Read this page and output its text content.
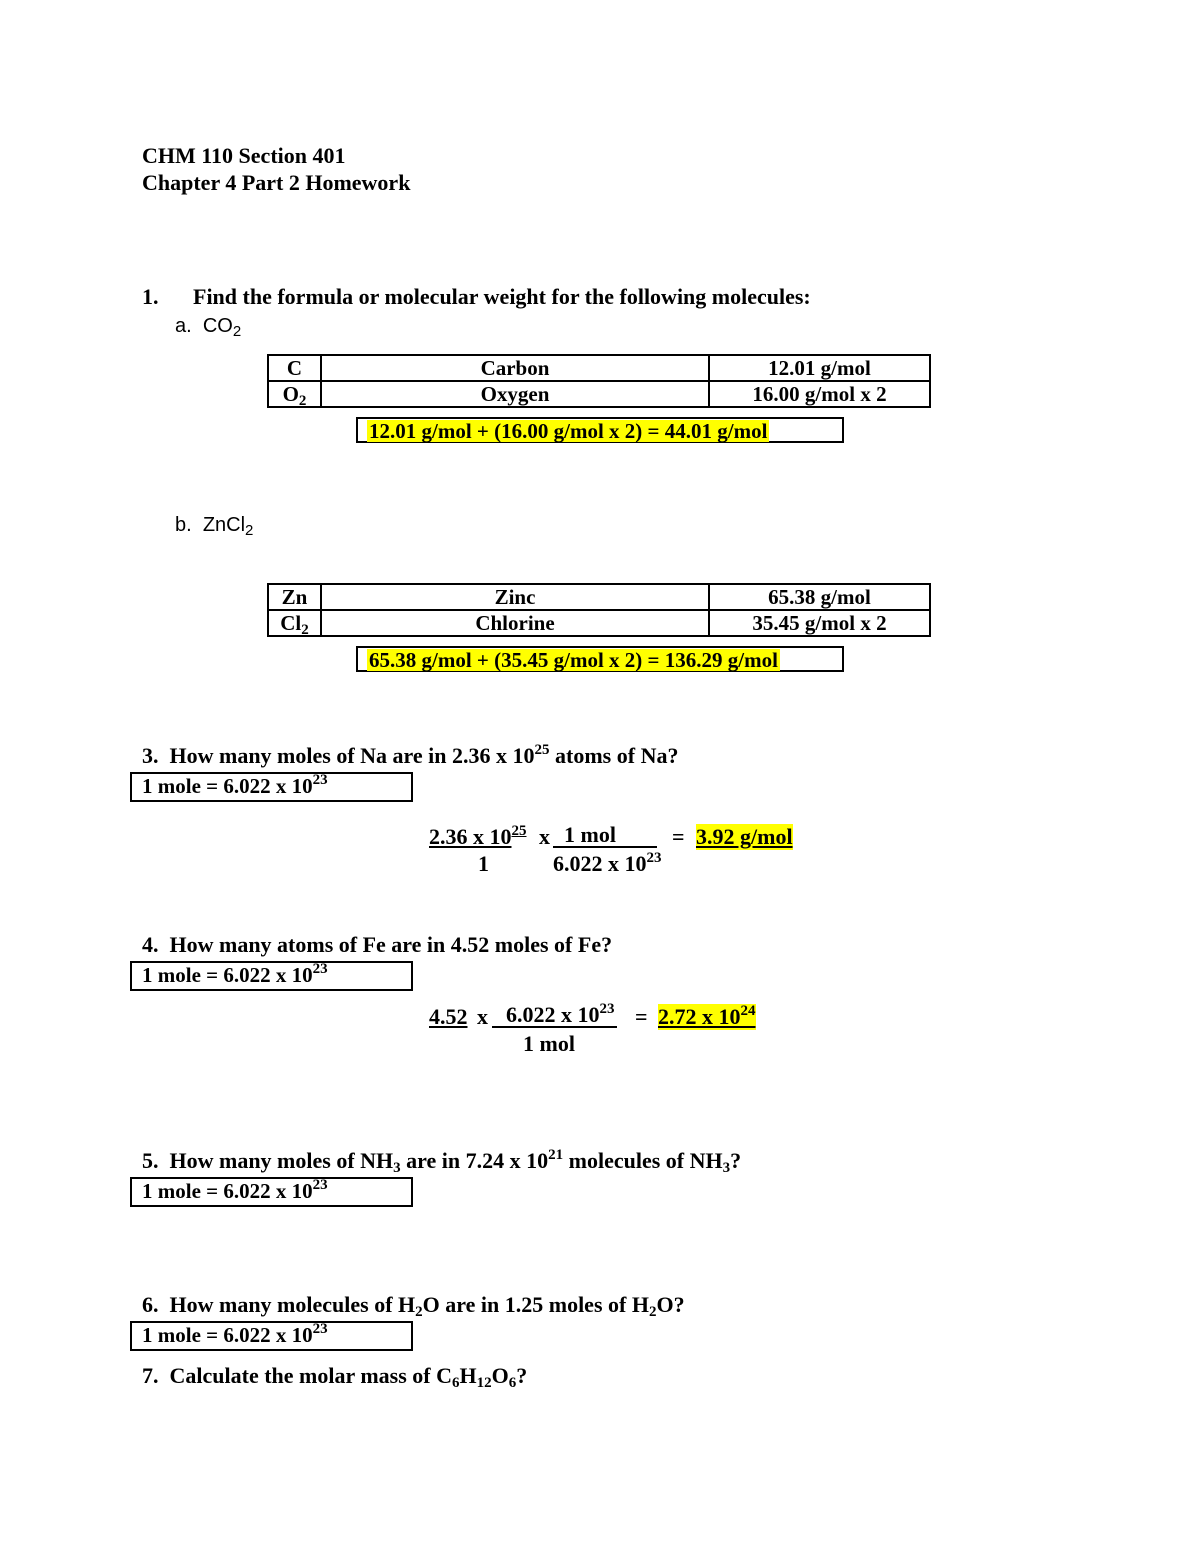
CHM 110 Section 401
Chapter 4 Part 2 Homework
1. Find the formula or molecular weight for the following molecules:
a. $CO_2$
C	Carbon	12.01 g/mol
$O_2$	Oxygen	16.00 g/mol x 2
12.01 g/mol + (16.00 g/mol x 2) = 44.01 g/mol
b. ZnCl$_2$
Zn	Zinc	65.38 g/mol
$Cl_2$	Chlorine	35.45 g/mol x 2
65.38 g/mol + (35.45 g/mol x 2) = 136.29 g/mol
3. How many moles of Na are in 2.36 x $10^{25}$ atoms of Na?
1 mole = 6.022 x $10^{23}$
2.36 x $10^{25}$
1
x 1 mol
6.022 x $10^{23}$
= 3.92 g/mol
4. How many atoms of Fe are in 4.52 moles of Fe?
1 mole = 6.022 x $10^{23}$
4.52 x 6.022 x $10^{23}$
1 mol
= 2.72 x $10^{24}$
5. How many moles of $NH_3$ are in 7.24 x $10^{21}$ molecules of $NH_3$?
1 mole = 6.022 x $10^{23}$
6. How many molecules of $H_2O$ are in 1.25 moles of $H_2O$?
1 mole = 6.022 x $10^{23}$
7. Calculate the molar mass of $C_6H_{12}O_6$?
